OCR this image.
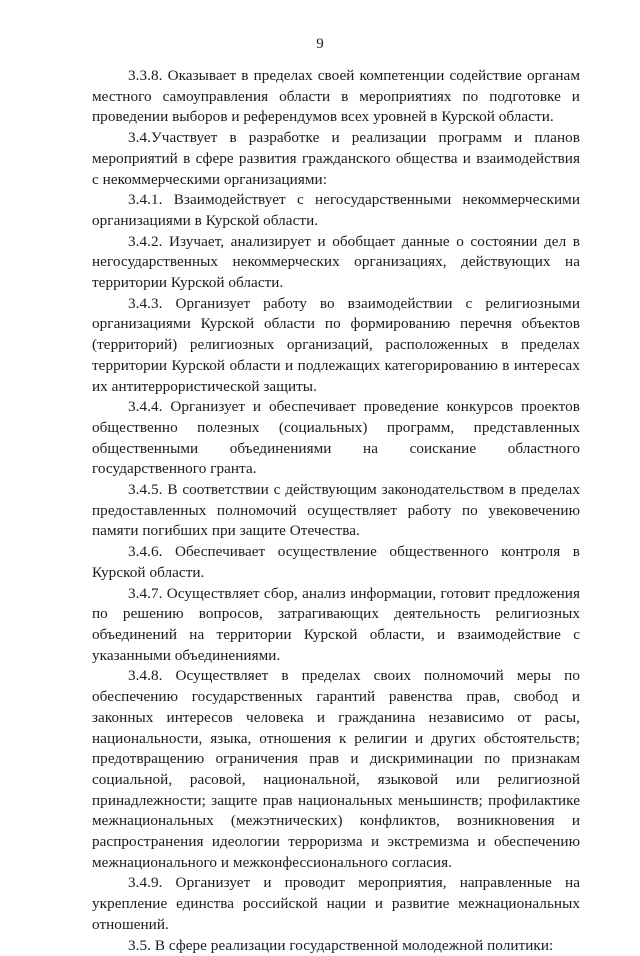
9

3.3.8. Оказывает в пределах своей компетенции содействие органам местного самоуправления области в мероприятиях по подготовке и проведении выборов и референдумов всех уровней в Курской области.

3.4.Участвует в разработке и реализации программ и планов мероприятий в сфере развития гражданского общества и взаимодействия с некоммерческими организациями:

3.4.1. Взаимодействует с негосударственными некоммерческими организациями в Курской области.

3.4.2. Изучает, анализирует и обобщает данные о состоянии дел в негосударственных некоммерческих организациях, действующих на территории Курской области.

3.4.3. Организует работу во взаимодействии с религиозными организациями Курской области по формированию перечня объектов (территорий) религиозных организаций, расположенных в пределах территории Курской области и подлежащих категорированию в интересах их антитеррористической защиты.

3.4.4. Организует и обеспечивает проведение конкурсов проектов общественно полезных (социальных) программ, представленных общественными объединениями на соискание областного государственного гранта.

3.4.5. В соответствии с действующим законодательством в пределах предоставленных полномочий осуществляет работу по увековечению памяти погибших при защите Отечества.

3.4.6. Обеспечивает осуществление общественного контроля в Курской области.

3.4.7. Осуществляет сбор, анализ информации, готовит предложения по решению вопросов, затрагивающих деятельность религиозных объединений на территории Курской области, и взаимодействие с указанными объединениями.

3.4.8. Осуществляет в пределах своих полномочий меры по обеспечению государственных гарантий равенства прав, свобод и законных интересов человека и гражданина независимо от расы, национальности, языка, отношения к религии и других обстоятельств; предотвращению ограничения прав и дискриминации по признакам социальной, расовой, национальной, языковой или религиозной принадлежности; защите прав национальных меньшинств; профилактике межнациональных (межэтнических) конфликтов, возникновения и распространения идеологии терроризма и экстремизма и обеспечению межнационального и межконфессионального согласия.

3.4.9. Организует и проводит мероприятия, направленные на укрепление единства российской нации и развитие межнациональных отношений.

3.5. В сфере реализации государственной молодежной политики:
